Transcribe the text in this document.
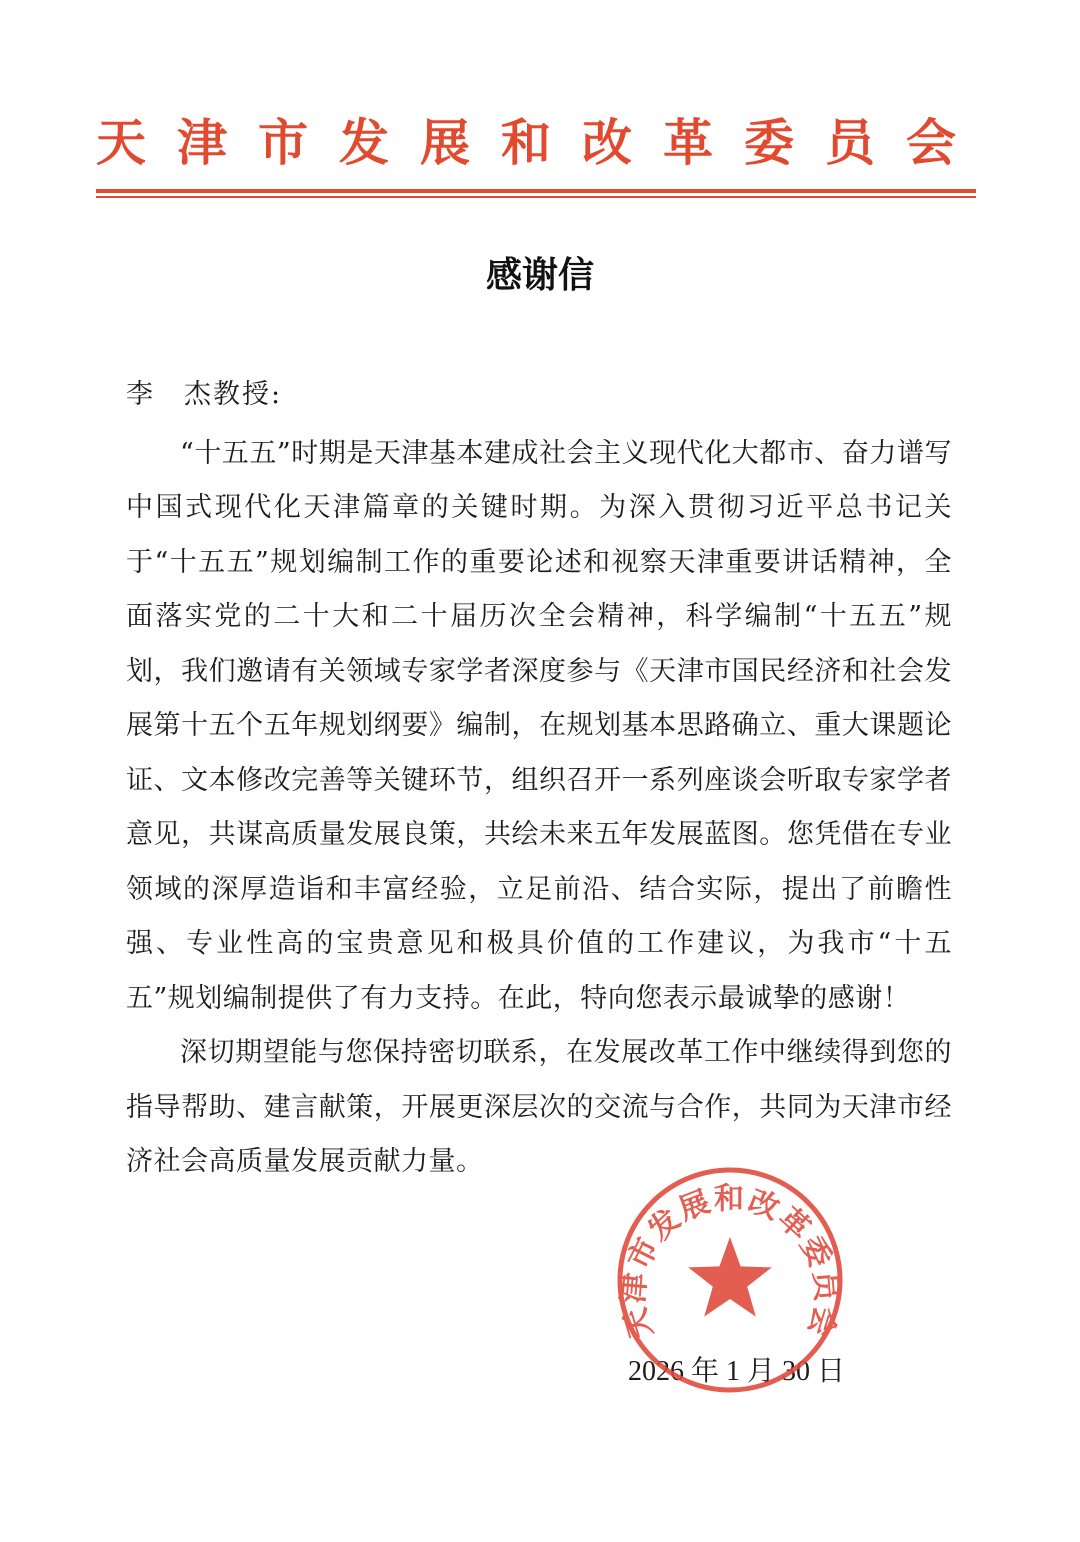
天津市发展和改革委员会
感谢信

李　杰教授:

“十五五”时期是天津基本建成社会主义现代化大都市、奋力谱写中国式现代化天津篇章的关键时期。为深入贯彻习近平总书记关于“十五五”规划编制工作的重要论述和视察天津重要讲话精神，全面落实党的二十大和二十届历次全会精神，科学编制“十五五”规划，我们邀请有关领域专家学者深度参与《天津市国民经济和社会发展第十五个五年规划纲要》编制，在规划基本思路确立、重大课题论证、文本修改完善等关键环节，组织召开一系列座谈会听取专家学者意见，共谋高质量发展良策，共绘未来五年发展蓝图。您凭借在专业领域的深厚造诣和丰富经验，立足前沿、结合实际，提出了前瞻性强、专业性高的宝贵意见和极具价值的工作建议，为我市“十五五”规划编制提供了有力支持。在此，特向您表示最诚挚的感谢！

深切期望能与您保持密切联系，在发展改革工作中继续得到您的指导帮助、建言献策，开展更深层次的交流与合作，共同为天津市经济社会高质量发展贡献力量。

2026 年 1 月 30 日
天津市发展和改革委员会
